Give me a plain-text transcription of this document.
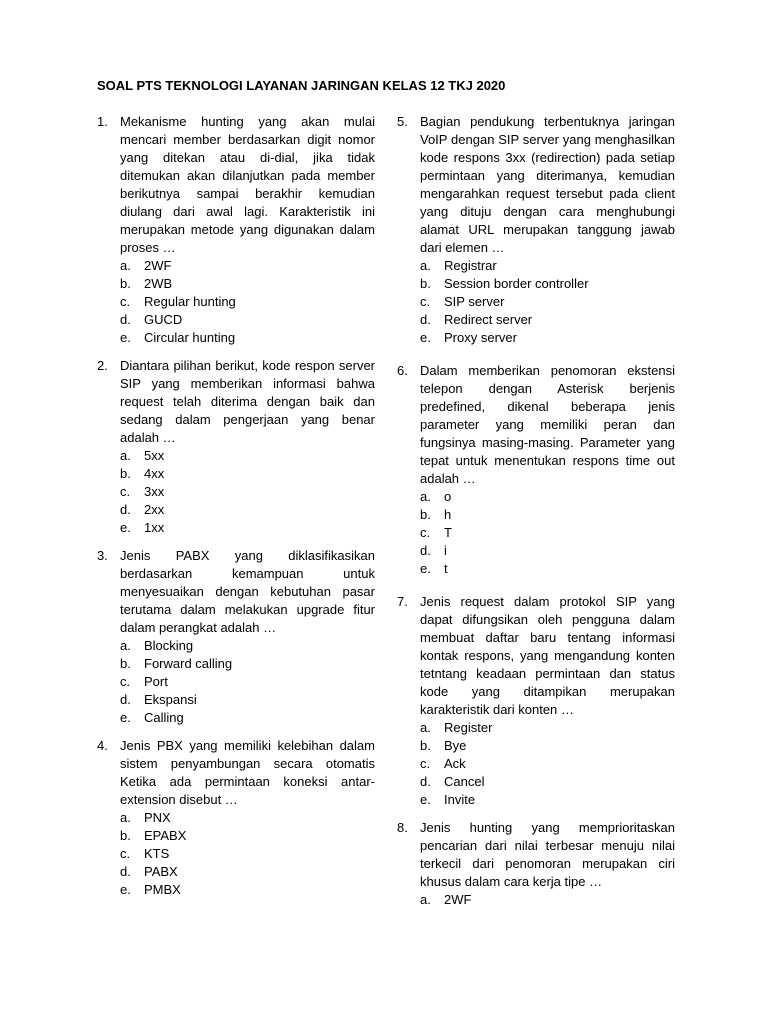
SOAL PTS TEKNOLOGI LAYANAN JARINGAN KELAS 12 TKJ 2020
1. Mekanisme hunting yang akan mulai mencari member berdasarkan digit nomor yang ditekan atau di-dial, jika tidak ditemukan akan dilanjutkan pada member berikutnya sampai berakhir kemudian diulang dari awal lagi. Karakteristik ini merupakan metode yang digunakan dalam proses …

a. 2WF
b. 2WB
c. Regular hunting
d. GUCD
e. Circular hunting
2. Diantara pilihan berikut, kode respon server SIP yang memberikan informasi bahwa request telah diterima dengan baik dan sedang dalam pengerjaan yang benar adalah …

a. 5xx
b. 4xx
c. 3xx
d. 2xx
e. 1xx
3. Jenis PABX yang diklasifikasikan berdasarkan kemampuan untuk menyesuaikan dengan kebutuhan pasar terutama dalam melakukan upgrade fitur dalam perangkat adalah …

a. Blocking
b. Forward calling
c. Port
d. Ekspansi
e. Calling
4. Jenis PBX yang memiliki kelebihan dalam sistem penyambungan secara otomatis Ketika ada permintaan koneksi antar-extension disebut …

a. PNX
b. EPABX
c. KTS
d. PABX
e. PMBX
5. Bagian pendukung terbentuknya jaringan VoIP dengan SIP server yang menghasilkan kode respons 3xx (redirection) pada setiap permintaan yang diterimanya, kemudian mengarahkan request tersebut pada client yang dituju dengan cara menghubungi alamat URL merupakan tanggung jawab dari elemen …

a. Registrar
b. Session border controller
c. SIP server
d. Redirect server
e. Proxy server
6. Dalam memberikan penomoran ekstensi telepon dengan Asterisk berjenis predefined, dikenal beberapa jenis parameter yang memiliki peran dan fungsinya masing-masing. Parameter yang tepat untuk menentukan respons time out adalah …

a. o
b. h
c. T
d. i
e. t
7. Jenis request dalam protokol SIP yang dapat difungsikan oleh pengguna dalam membuat daftar baru tentang informasi kontak respons, yang mengandung konten tetntang keadaan permintaan dan status kode yang ditampikan merupakan karakteristik dari konten …

a. Register
b. Bye
c. Ack
d. Cancel
e. Invite
8. Jenis hunting yang memprioritaskan pencarian dari nilai terbesar menuju nilai terkecil dari penomoran merupakan ciri khusus dalam cara kerja tipe …

a. 2WF
